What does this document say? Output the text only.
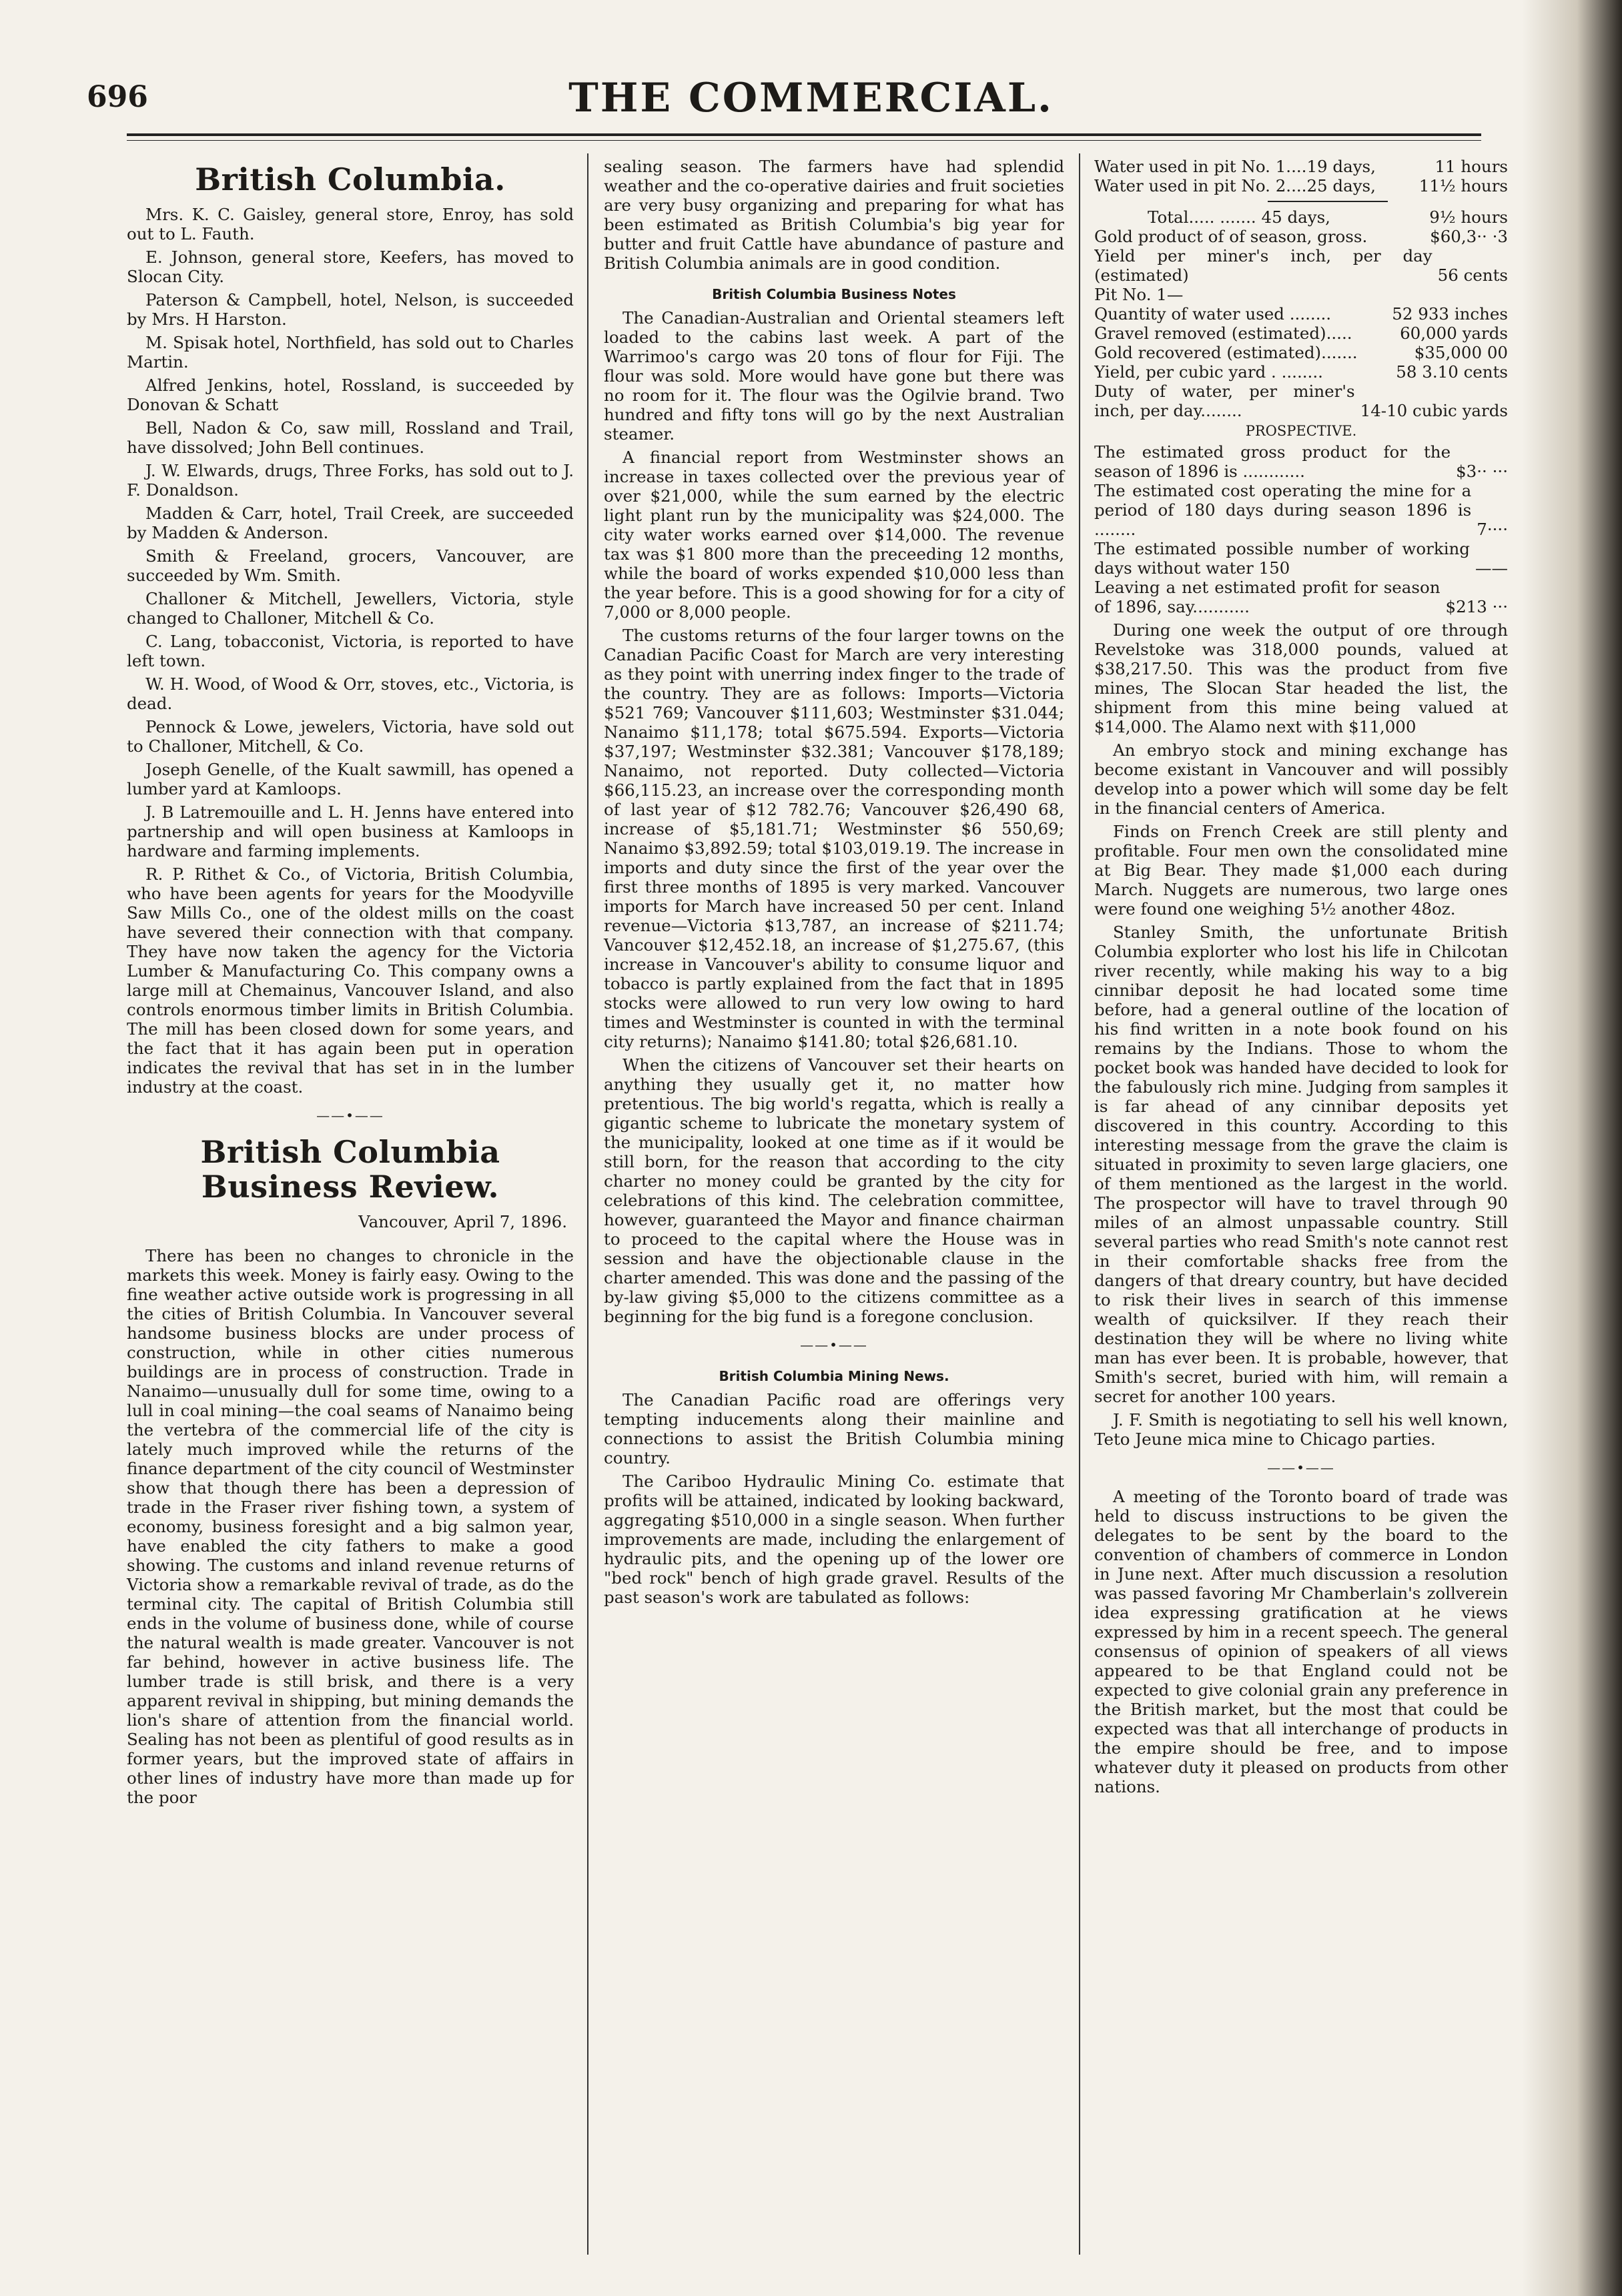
696	THE COMMERCIAL.
British Columbia.

Mrs. K. C. Gaisley, general store, Enroy, has sold out to L. Fauth.

E. Johnson, general store, Keefers, has moved to Slocan City.

Paterson & Campbell, hotel, Nelson, is succeeded by Mrs. H Harston.

M. Spisak hotel, Northfield, has sold out to Charles Martin.

Alfred Jenkins, hotel, Rossland, is succeeded by Donovan & Schatt

Bell, Nadon & Co, saw mill, Rossland and Trail, have dissolved; John Bell continues.

J. W. Elwards, drugs, Three Forks, has sold out to J. F. Donaldson.

Madden & Carr, hotel, Trail Creek, are succeeded by Madden & Anderson.

Smith & Freeland, grocers, Vancouver, are succeeded by Wm. Smith.

Challoner & Mitchell, Jewellers, Victoria, style changed to Challoner, Mitchell & Co.

C. Lang, tobacconist, Victoria, is reported to have left town.

W. H. Wood, of Wood & Orr, stoves, etc., Victoria, is dead.

Pennock & Lowe, jewelers, Victoria, have sold out to Challoner, Mitchell, & Co.

Joseph Genelle, of the Kualt sawmill, has opened a lumber yard at Kamloops.

J. B Latremouille and L. H. Jenns have entered into partnership and will open business at Kamloops in hardware and farming implements.

R. P. Rithet & Co., of Victoria, British Columbia, who have been agents for years for the Moodyville Saw Mills Co., one of the oldest mills on the coast have severed their connection with that company. They have now taken the agency for the Victoria Lumber & Manufacturing Co. This company owns a large mill at Chemainus, Vancouver Island, and also controls enormous timber limits in British Columbia. The mill has been closed down for some years, and the fact that it has again been put in operation indicates the revival that has set in in the lumber industry at the coast.

——•——
British Columbia Business Review.

Vancouver, April 7, 1896.

There has been no changes to chronicle in the markets this week. Money is fairly easy. Owing to the fine weather active outside work is progressing in all the cities of British Columbia. In Vancouver several handsome business blocks are under process of construction, while in other cities numerous buildings are in process of construction. Trade in Nanaimo—unusually dull for some time, owing to a lull in coal mining—the coal seams of Nanaimo being the vertebra of the commercial life of the city is lately much improved while the returns of the finance department of the city council of Westminster show that though there has been a depression of trade in the Fraser river fishing town, a system of economy, business foresight and a big salmon year, have enabled the city fathers to make a good showing. The customs and inland revenue returns of Victoria show a remarkable revival of trade, as do the terminal city. The capital of British Columbia still ends in the volume of business done, while of course the natural wealth is made greater. Vancouver is not far behind, however in active business life. The lumber trade is still brisk, and there is a very apparent revival in shipping, but mining demands the lion's share of attention from the financial world. Sealing has not been as plentiful of good results as in former years, but the improved state of affairs in other lines of industry have more than made up for the poor

sealing season. The farmers have had splendid weather and the co-operative dairies and fruit societies are very busy organizing and preparing for what has been estimated as British Columbia's big year for butter and fruit Cattle have abundance of pasture and British Columbia animals are in good condition.

British Columbia Business Notes

The Canadian-Australian and Oriental steamers left loaded to the cabins last week. A part of the Warrimoo's cargo was 20 tons of flour for Fiji. The flour was sold. More would have gone but there was no room for it. The flour was the Ogilvie brand. Two hundred and fifty tons will go by the next Australian steamer.

A financial report from Westminster shows an increase in taxes collected over the previous year of over $21,000, while the sum earned by the electric light plant run by the municipality was $24,000. The city water works earned over $14,000. The revenue tax was $1 800 more than the preceeding 12 months, while the board of works expended $10,000 less than the year before. This is a good showing for for a city of 7,000 or 8,000 people.

The customs returns of the four larger towns on the Canadian Pacific Coast for March are very interesting as they point with unerring index finger to the trade of the country. They are as follows: Imports—Victoria $521 769; Vancouver $111,603; Westminster $31.044; Nanaimo $11,178; total $675.594. Exports—Victoria $37,197; Westminster $32.381; Vancouver $178,189; Nanaimo, not reported. Duty collected—Victoria $66,115.23, an increase over the corresponding month of last year of $12 782.76; Vancouver $26,490 68, increase of $5,181.71; Westminster $6 550,69; Nanaimo $3,892.59; total $103,019.19. The increase in imports and duty since the first of the year over the first three months of 1895 is very marked. Vancouver imports for March have increased 50 per cent. Inland revenue—Victoria $13,787, an increase of $211.74; Vancouver $12,452.18, an increase of $1,275.67, (this increase in Vancouver's ability to consume liquor and tobacco is partly explained from the fact that in 1895 stocks were allowed to run very low owing to hard times and Westminster is counted in with the terminal city returns); Nanaimo $141.80; total $26,681.10.

When the citizens of Vancouver set their hearts on anything they usually get it, no matter how pretentious. The big world's regatta, which is really a gigantic scheme to lubricate the monetary system of the municipality, looked at one time as if it would be still born, for the reason that according to the city charter no money could be granted by the city for celebrations of this kind. The celebration committee, however, guaranteed the Mayor and finance chairman to proceed to the capital where the House was in session and have the objectionable clause in the charter amended. This was done and the passing of the by-law giving $5,000 to the citizens committee as a beginning for the big fund is a foregone conclusion.

——•——
British Columbia Mining News.

The Canadian Pacific road are offerings very tempting inducements along their mainline and connections to assist the British Columbia mining country.

The Cariboo Hydraulic Mining Co. estimate that profits will be attained, indicated by looking backward, aggregating $510,000 in a single season. When further improvements are made, including the enlargement of hydraulic pits, and the opening up of the lower ore "bed rock" bench of high grade gravel. Results of the past season's work are tabulated as follows:

Water used in pit No. 1....19 days,	11 hours
Water used in pit No. 2....25 days,	11½ hours
Total..... ....... 45 days,	9½ hours
Gold product of of season, gross.	$60,3·· ·3
Yield per miner's inch, per day (estimated)	56 cents
Pit No. 1—
Quantity of water used ........	52 933 inches
Gravel removed (estimated).....	60,000 yards
Gold recovered (estimated).......	$35,000 00
Yield, per cubic yard . ........	58 3.10 cents
Duty of water, per miner's inch, per day........	14-10 cubic yards

PROSPECTIVE.

The estimated gross product for the season of 1896 is ............	$3·· ···
The estimated cost operating the mine for a period of 180 days during season 1896 is ........	7····
The estimated possible number of working days without water 150	——
Leaving a net estimated profit for season of 1896, say...........	$213 ···

During one week the output of ore through Revelstoke was 318,000 pounds, valued at $38,217.50. This was the product from five mines, The Slocan Star headed the list, the shipment from this mine being valued at $14,000. The Alamo next with $11,000

An embryo stock and mining exchange has become existant in Vancouver and will possibly develop into a power which will some day be felt in the financial centers of America.

Finds on French Creek are still plenty and profitable. Four men own the consolidated mine at Big Bear. They made $1,000 each during March. Nuggets are numerous, two large ones were found one weighing 5½ another 48oz.

Stanley Smith, the unfortunate British Columbia explorter who lost his life in Chilcotan river recently, while making his way to a big cinnibar deposit he had located some time before, had a general outline of the location of his find written in a note book found on his remains by the Indians. Those to whom the pocket book was handed have decided to look for the fabulously rich mine. Judging from samples it is far ahead of any cinnibar deposits yet discovered in this country. According to this interesting message from the grave the claim is situated in proximity to seven large glaciers, one of them mentioned as the largest in the world. The prospector will have to travel through 90 miles of an almost unpassable country. Still several parties who read Smith's note cannot rest in their comfortable shacks free from the dangers of that dreary country, but have decided to risk their lives in search of this immense wealth of quicksilver. If they reach their destination they will be where no living white man has ever been. It is probable, however, that Smith's secret, buried with him, will remain a secret for another 100 years.

J. F. Smith is negotiating to sell his well known, Teto Jeune mica mine to Chicago parties.

——•——

A meeting of the Toronto board of trade was held to discuss instructions to be given the delegates to be sent by the board to the convention of chambers of commerce in London in June next. After much discussion a resolution was passed favoring Mr Chamberlain's zollverein idea expressing gratification at he views expressed by him in a recent speech. The general consensus of opinion of speakers of all views appeared to be that England could not be expected to give colonial grain any preference in the British market, but the most that could be expected was that all interchange of products in the empire should be free, and to impose whatever duty it pleased on products from other nations.
